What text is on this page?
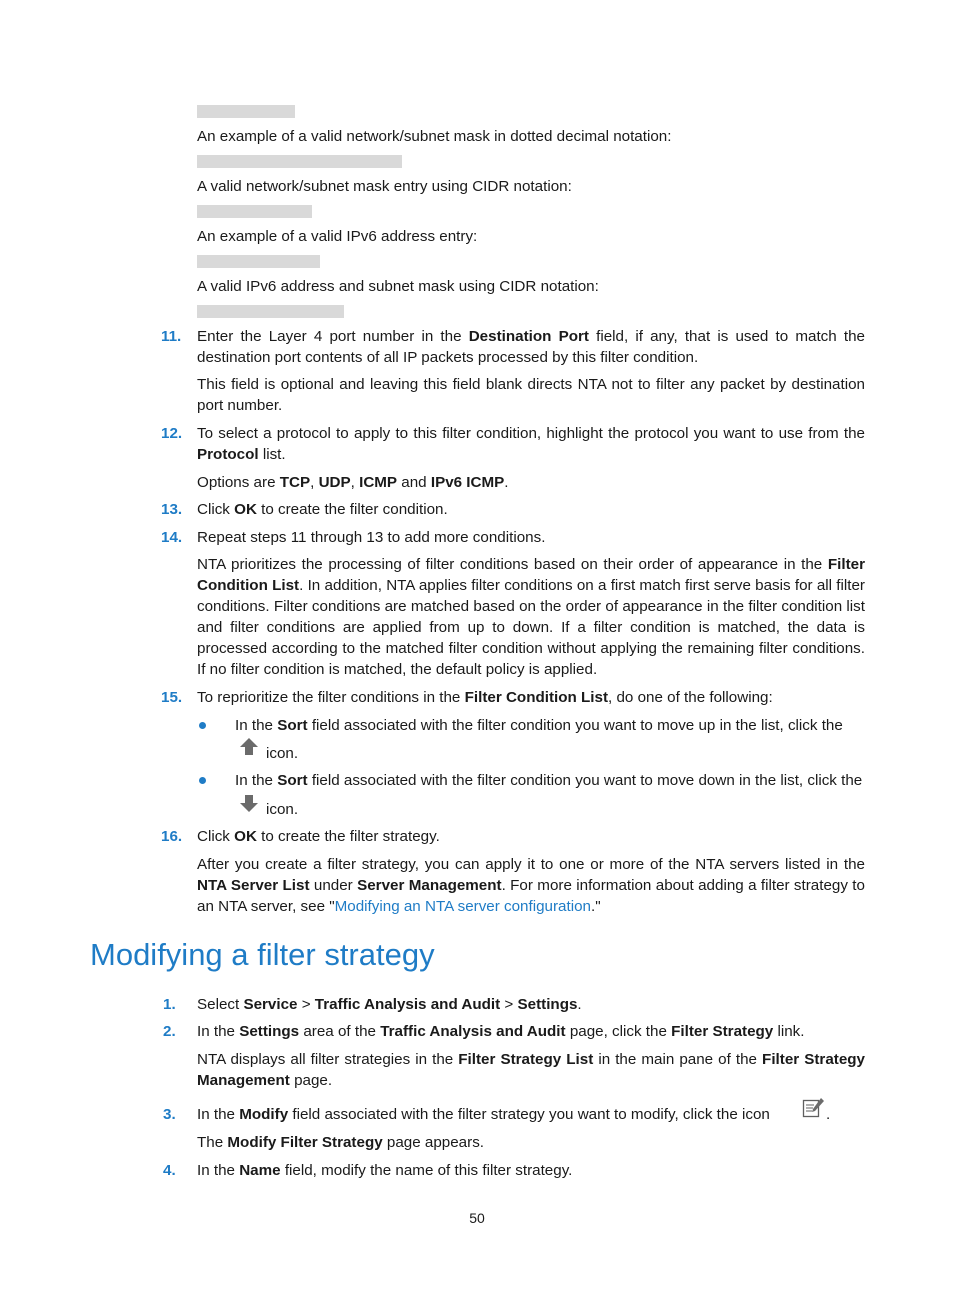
An example of a valid network/subnet mask in dotted decimal notation:
A valid network/subnet mask entry using CIDR notation:
An example of a valid IPv6 address entry:
A valid IPv6 address and subnet mask using CIDR notation:
11.	Enter the Layer 4 port number in the Destination Port field, if any, that is used to match the destination port contents of all IP packets processed by this filter condition.
This field is optional and leaving this field blank directs NTA not to filter any packet by destination port number.
12. To select a protocol to apply to this filter condition, highlight the protocol you want to use from the Protocol list.
Options are TCP, UDP, ICMP and IPv6 ICMP.
13. Click OK to create the filter condition.
14. Repeat steps 11 through 13 to add more conditions.
NTA prioritizes the processing of filter conditions based on their order of appearance in the Filter Condition List. In addition, NTA applies filter conditions on a first match first serve basis for all filter conditions. Filter conditions are matched based on the order of appearance in the filter condition list and filter conditions are applied from up to down. If a filter condition is matched, the data is processed according to the matched filter condition without applying the remaining filter conditions. If no filter condition is matched, the default policy is applied.
15. To reprioritize the filter conditions in the Filter Condition List, do one of the following:
In the Sort field associated with the filter condition you want to move up in the list, click the
icon.
In the Sort field associated with the filter condition you want to move down in the list, click the
icon.
16. Click OK to create the filter strategy.
After you create a filter strategy, you can apply it to one or more of the NTA servers listed in the NTA Server List under Server Management. For more information about adding a filter strategy to an NTA server, see "Modifying an NTA server configuration."
Modifying a filter strategy
1.	Select Service > Traffic Analysis and Audit > Settings.
2.	In the Settings area of the Traffic Analysis and Audit page, click the Filter Strategy link.
NTA displays all filter strategies in the Filter Strategy List in the main pane of the Filter Strategy Management page.
3.	In the Modify field associated with the filter strategy you want to modify, click the icon	.
The Modify Filter Strategy page appears.
4.	In the Name field, modify the name of this filter strategy.
50
